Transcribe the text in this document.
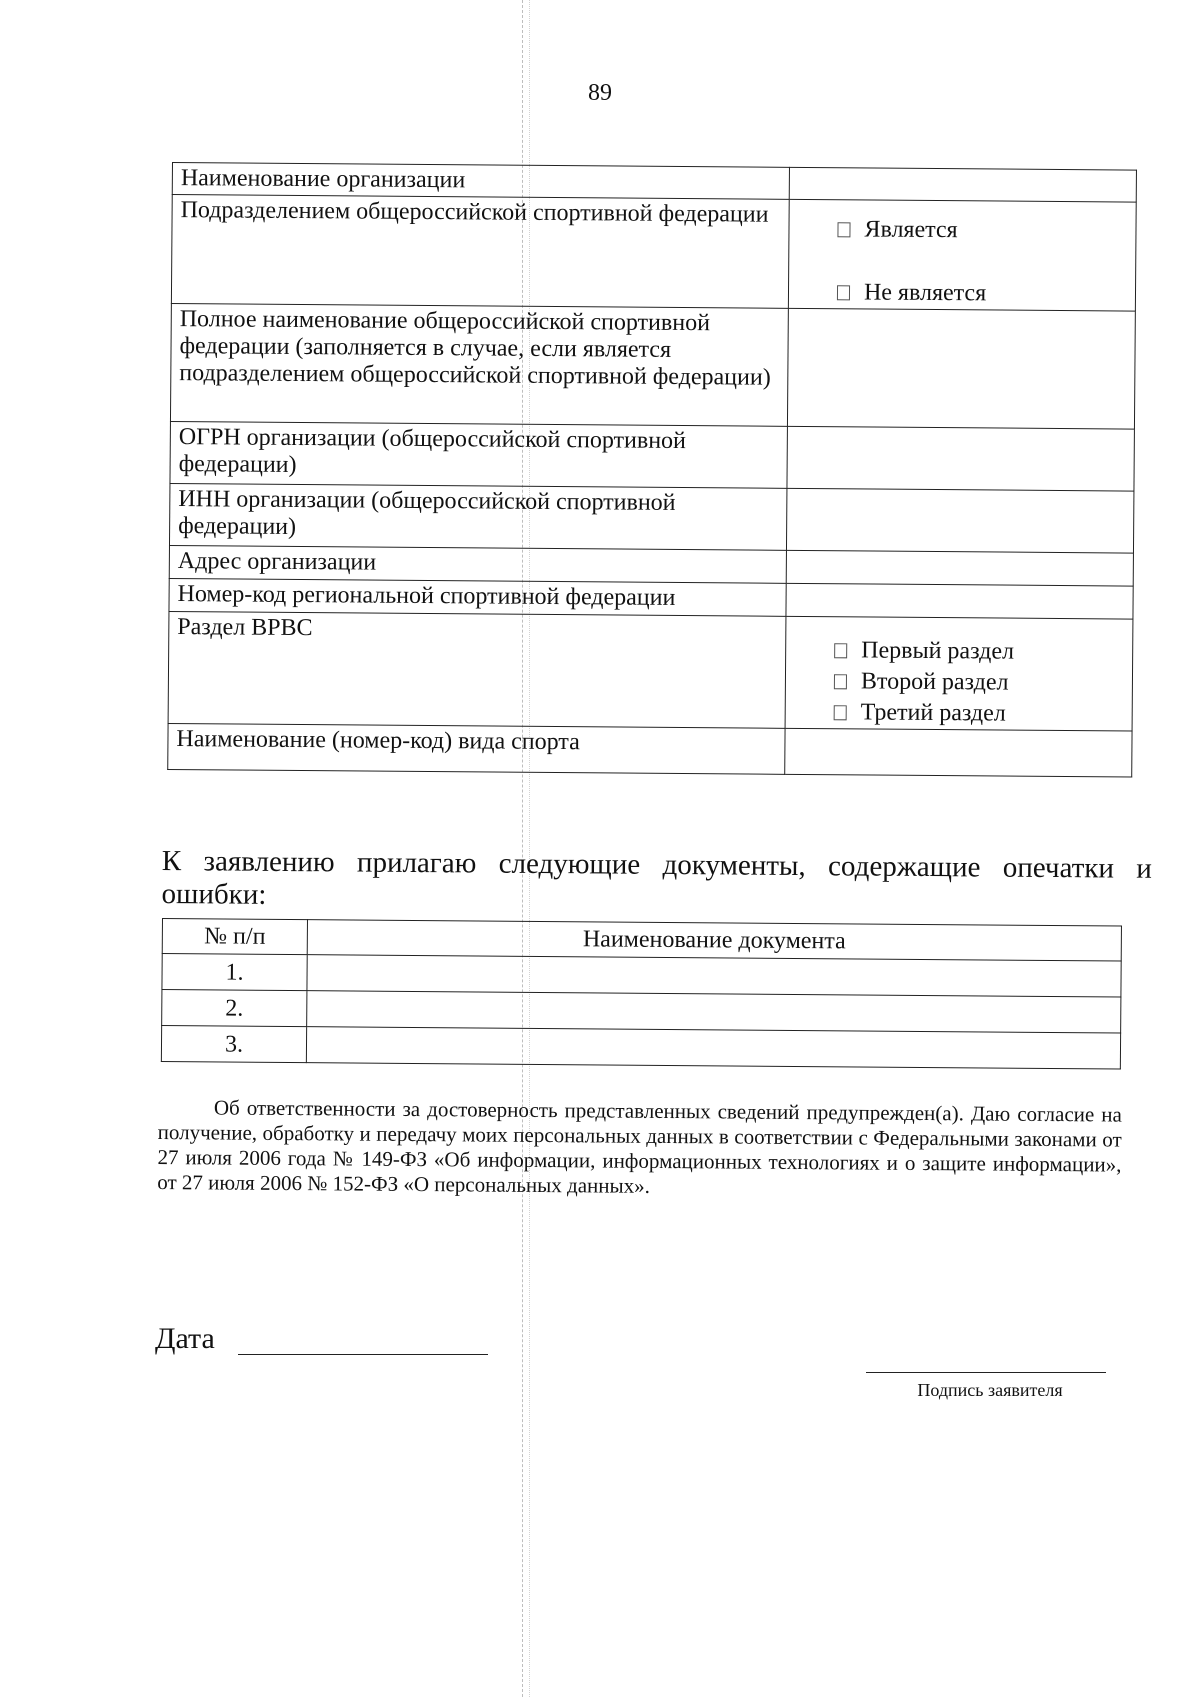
89
Наименование организации	
Подразделением общероссийской спортивной федерации	Является
Не является

Полное наименование общероссийской спортивной федерации (заполняется в случае, если является подразделением общероссийской спортивной федерации)	
ОГРН организации (общероссийской спортивной федерации)	
ИНН организации (общероссийской спортивной федерации)	
Адрес организации	
Номер-код региональной спортивной федерации	
Раздел ВРВС	Первый раздел
Второй раздел
Третий раздел

Наименование (номер-код) вида спорта	
К заявлению прилагаю следующие документы, содержащие опечатки и ошибки:
№ п/п	Наименование документа
1.	
2.	
3.	

Об ответственности за достоверность представленных сведений предупрежден(а). Даю согласие на получение, обработку и передачу моих персональных данных в соответствии с Федеральными законами от 27 июля 2006 года № 149-ФЗ «Об информации, информационных технологиях и о защите информации», от 27 июля 2006 № 152-ФЗ «О персональных данных».

Дата
Подпись заявителя
